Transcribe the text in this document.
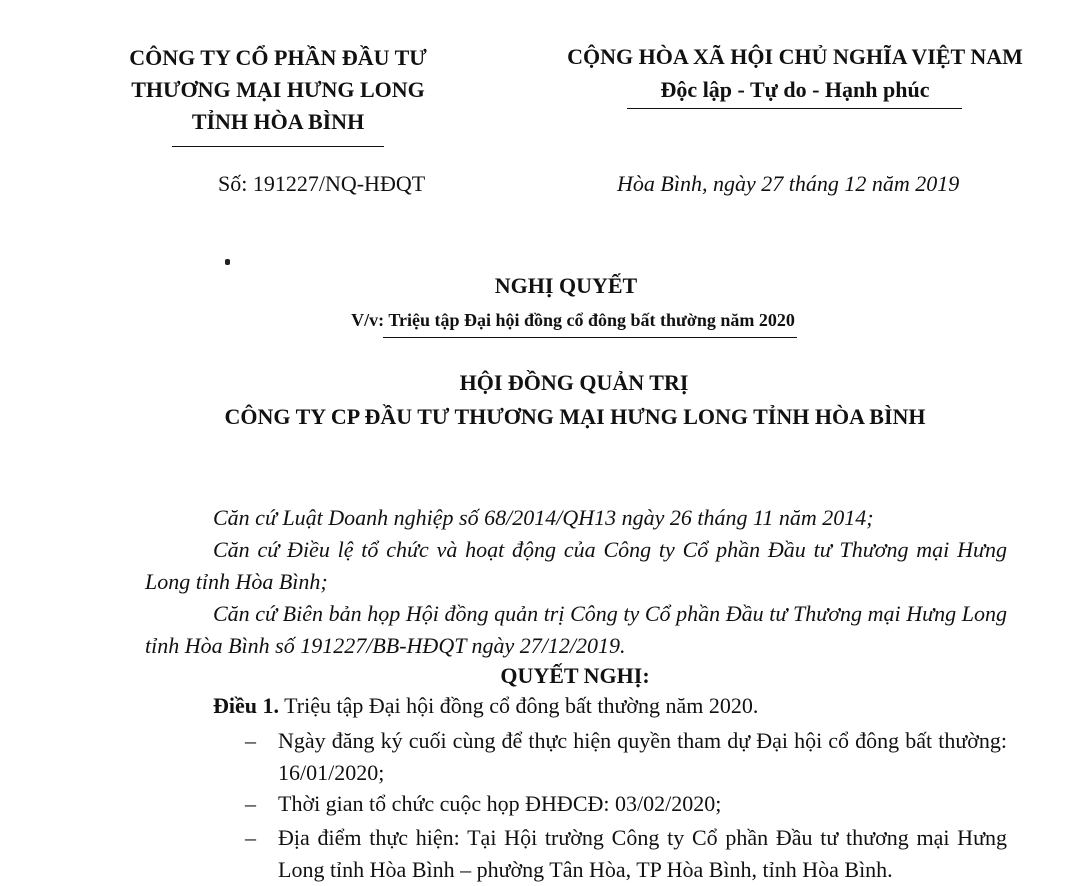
CÔNG TY CỔ PHẦN ĐẦU TƯ
THƯƠNG MẠI HƯNG LONG
TỈNH HÒA BÌNH
Số: 191227/NQ-HĐQT
CỘNG HÒA XÃ HỘI CHỦ NGHĨA VIỆT NAM
Độc lập - Tự do - Hạnh phúc
Hòa Bình, ngày 27 tháng 12 năm 2019
NGHỊ QUYẾT
V/v: Triệu tập Đại hội đồng cổ đông bất thường năm 2020
HỘI ĐỒNG QUẢN TRỊ
CÔNG TY CP ĐẦU TƯ THƯƠNG MẠI HƯNG LONG TỈNH HÒA BÌNH
Căn cứ Luật Doanh nghiệp số 68/2014/QH13 ngày 26 tháng 11 năm 2014;
Căn cứ Điều lệ tổ chức và hoạt động của Công ty Cổ phần Đầu tư Thương mại Hưng Long tỉnh Hòa Bình;
Căn cứ Biên bản họp Hội đồng quản trị Công ty Cổ phần Đầu tư Thương mại Hưng Long tỉnh Hòa Bình số 191227/BB-HĐQT ngày 27/12/2019.
QUYẾT NGHỊ:
Điều 1. Triệu tập Đại hội đồng cổ đông bất thường năm 2020.
– Ngày đăng ký cuối cùng để thực hiện quyền tham dự Đại hội cổ đông bất thường: 16/01/2020;
– Thời gian tổ chức cuộc họp ĐHĐCĐ: 03/02/2020;
– Địa điểm thực hiện: Tại Hội trường Công ty Cổ phần Đầu tư thương mại Hưng Long tỉnh Hòa Bình – phường Tân Hòa, TP Hòa Bình, tỉnh Hòa Bình.
